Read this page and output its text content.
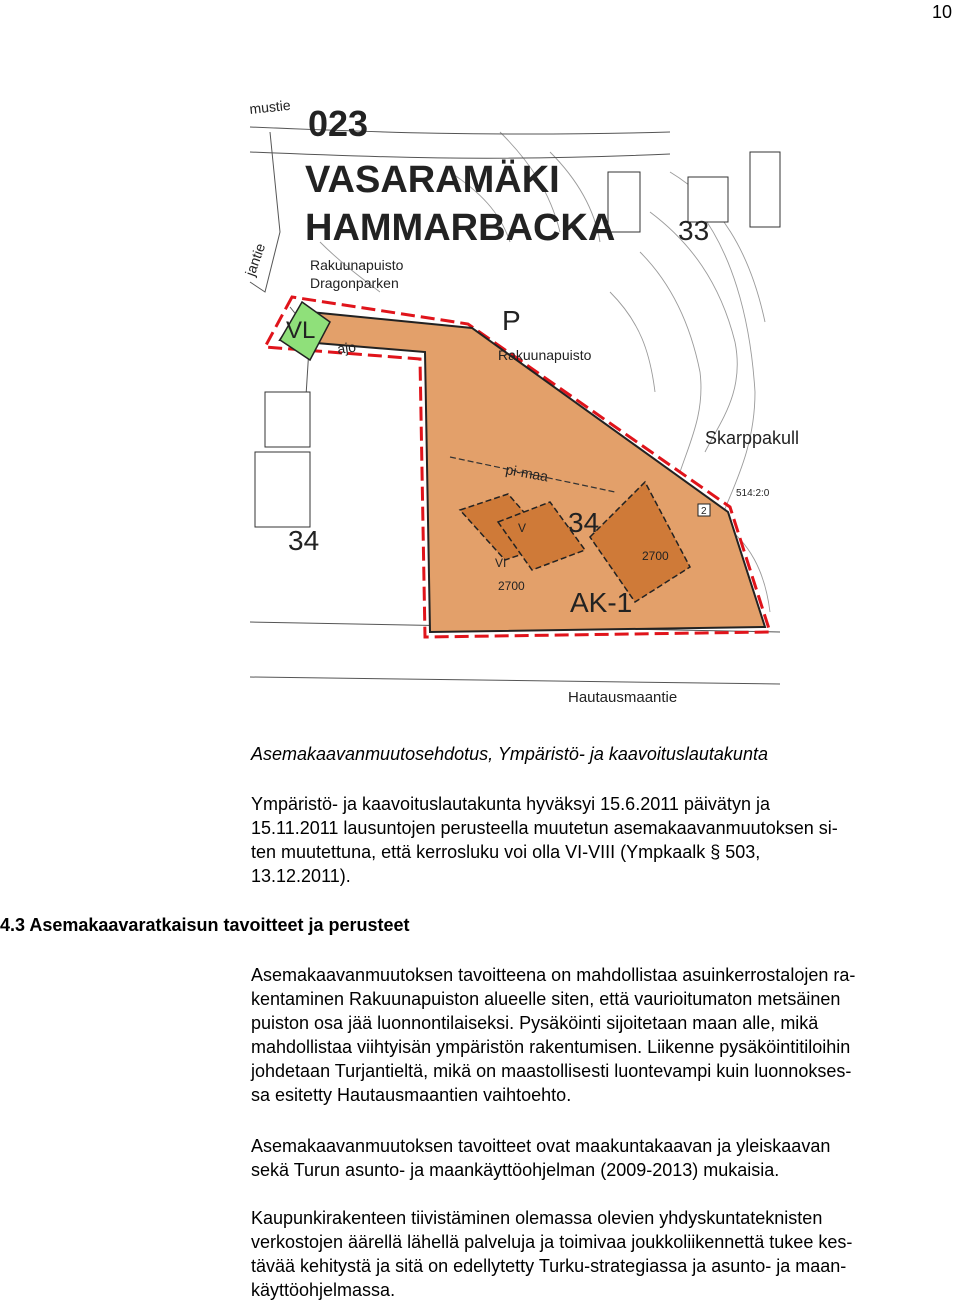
10
023
VASARAMÄKI
HAMMARBACKA
Rakuunapuisto
Dragonparken
VL	P
Rakuunapuisto
ajo
pi-maa
33
34
34
AK-1
2700
2700
V
VI
Skarppakull
514:2:0
2
Hautausmaantie
mustie
jantie
Asemakaavanmuutosehdotus, Ympäristö- ja kaavoituslautakunta

Ympäristö- ja kaavoituslautakunta hyväksyi 15.6.2011 päivätyn ja
15.11.2011 lausuntojen perusteella muutetun asemakaavanmuutoksen si-
ten muutettuna, että kerrosluku voi olla VI-VIII (Ympkaalk § 503,
13.12.2011).

4.3 Asemakaavaratkaisun tavoitteet ja perusteet

Asemakaavanmuutoksen tavoitteena on mahdollistaa asuinkerrostalojen ra-
kentaminen Rakuunapuiston alueelle siten, että vaurioitumaton metsäinen
puiston osa jää luonnontilaiseksi. Pysäköinti sijoitetaan maan alle, mikä
mahdollistaa viihtyisän ympäristön rakentumisen. Liikenne pysäköintitiloihin
johdetaan Turjantieltä, mikä on maastollisesti luontevampi kuin luonnokses-
sa esitetty Hautausmaantien vaihtoehto.

Asemakaavanmuutoksen tavoitteet ovat maakuntakaavan ja yleiskaavan
sekä Turun asunto- ja maankäyttöohjelman (2009-2013) mukaisia.

Kaupunkirakenteen tiivistäminen olemassa olevien yhdyskuntateknisten
verkostojen äärellä lähellä palveluja ja toimivaa joukkoliikennettä tukee kes-
tävää kehitystä ja sitä on edellytetty Turku-strategiassa ja asunto- ja maan-
käyttöohjelmassa.
